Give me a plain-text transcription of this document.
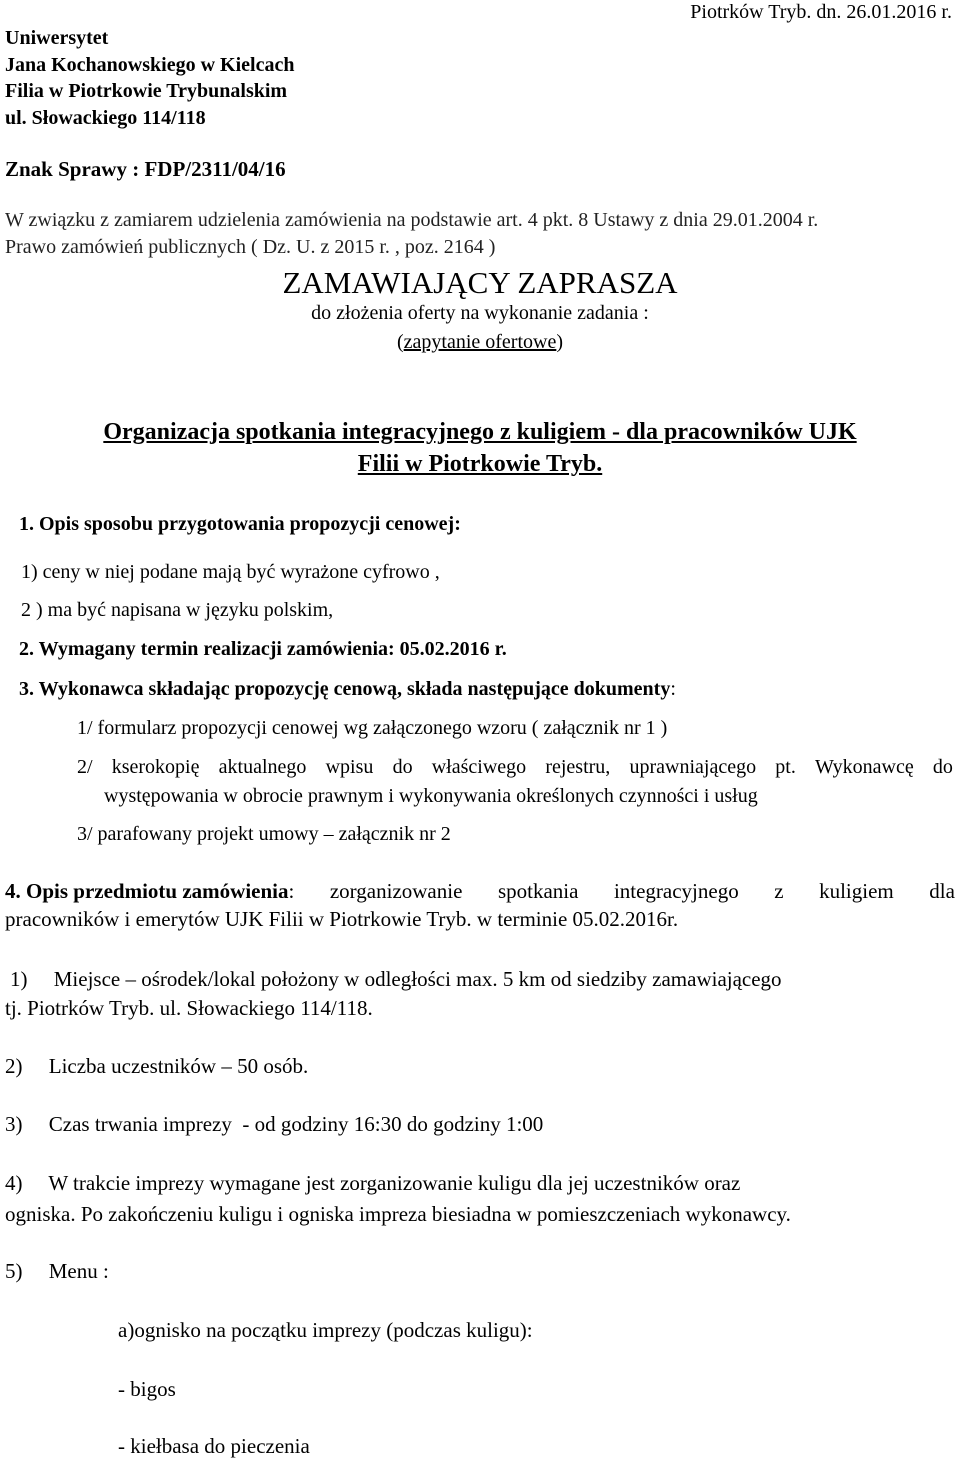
Uniwersytet
Jana Kochanowskiego w Kielcach
Filia w Piotrkowie Trybunalskim
ul. Słowackiego 114/118
Piotrków Tryb. dn. 26.01.2016 r.
Znak Sprawy : FDP/2311/04/16
W związku z zamiarem udzielenia zamówienia na podstawie art. 4 pkt. 8 Ustawy z dnia 29.01.2004 r.
Prawo zamówień publicznych ( Dz. U. z 2015 r. , poz. 2164 )
ZAMAWIAJĄCY ZAPRASZA
do złożenia oferty na wykonanie zadania :
(zapytanie ofertowe)
Organizacja spotkania integracyjnego z kuligiem - dla pracowników UJK
Filii w Piotrkowie Tryb.
1. Opis sposobu przygotowania propozycji cenowej:
1) ceny w niej podane mają być wyrażone cyfrowo ,
2 ) ma być napisana w języku polskim,
2. Wymagany termin realizacji zamówienia: 05.02.2016 r.
3. Wykonawca składając propozycję cenową, składa następujące dokumenty:
1/ formularz propozycji cenowej wg załączonego wzoru ( załącznik nr 1 )
2/ kserokopię aktualnego wpisu do właściwego rejestru, uprawniającego pt. Wykonawcę do
występowania w obrocie prawnym i wykonywania określonych czynności i usług
3/ parafowany projekt umowy – załącznik nr 2
4. Opis przedmiotu zamówienia: zorganizowanie spotkania integracyjnego z kuligiem dla
pracowników i emerytów UJK Filii w Piotrkowie Tryb. w terminie 05.02.2016r.
1)     Miejsce – ośrodek/lokal położony w odległości max. 5 km od siedziby zamawiającego
tj. Piotrków Tryb. ul. Słowackiego 114/118.
2)     Liczba uczestników – 50 osób.
3)     Czas trwania imprezy  - od godziny 16:30 do godziny 1:00
4)     W trakcie imprezy wymagane jest zorganizowanie kuligu dla jej uczestników oraz
ogniska. Po zakończeniu kuligu i ogniska impreza biesiadna w pomieszczeniach wykonawcy.
5)     Menu :
a)ognisko na początku imprezy (podczas kuligu):
- bigos
- kiełbasa do pieczenia
